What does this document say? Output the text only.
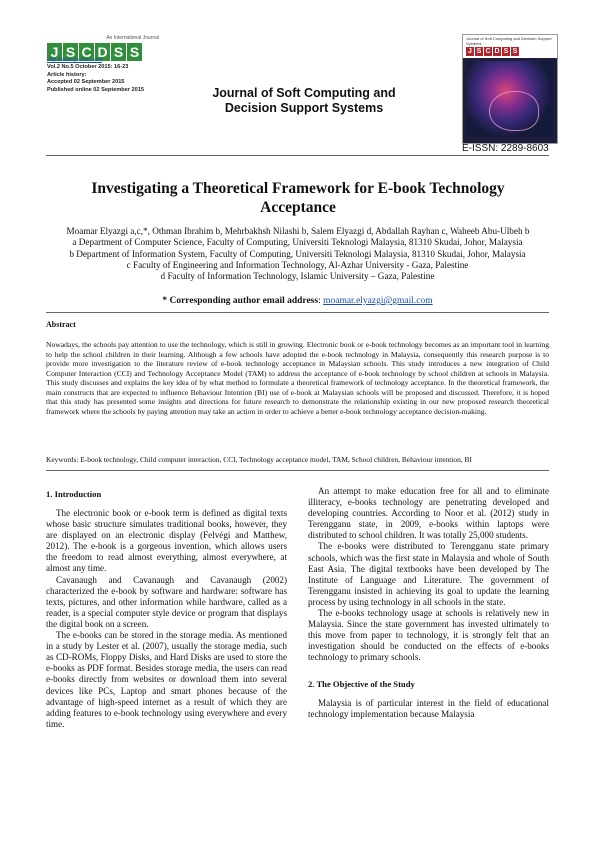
An International Journal
J S C D S S
http://www.jscdss.com
Vol.2 No.5 October 2015: 16-23
Article history:
Accepted 02 September 2015
Published online 02 September 2015	Journal of Soft Computing and Decision Support Systems
Journal of Soft Computing and Decision Support Systems
J S C D S S
E-ISSN: 2289-8603
Investigating a Theoretical Framework for E-book Technology Acceptance
Moamar Elyazgi a,c,*, Othman Ibrahim b, Mehrbakhsh Nilashi b, Salem Elyazgi d, Abdallah Rayhan c, Waheeb Abu-Ulbeh b
a Department of Computer Science, Faculty of Computing, Universiti Teknologi Malaysia, 81310 Skudai, Johor, Malaysia
b Department of Information System, Faculty of Computing, Universiti Teknologi Malaysia, 81310 Skudai, Johor, Malaysia
c Faculty of Engineering and Information Technology, Al-Azhar University - Gaza, Palestine
d Faculty of Information Technology, Islamic University – Gaza, Palestine
* Corresponding author email address: moamar.elyazgi@gmail.com
Abstract
Nowadays, the schools pay attention to use the technology, which is still in growing. Electronic book or e-book technology becomes as an important tool in learning to help the school children in their learning. Although a few schools have adopted the e-book technology in Malaysia, consequently this research purpose is to provide more investigation to the literature review of e-book technology acceptance in Malaysian schools. This study introduces a new integration of Child Computer Interaction (CCI) and Technology Acceptance Model (TAM) to address the acceptance of e-book technology by school children at schools in Malaysia. This study discusses and explains the key idea of by what method to formulate a theoretical framework of technology acceptance. In the theoretical framework, the main constructs that are expected to influence Behaviour Intention (BI) use of e-book at Malaysian schools will be proposed and discussed. Therefore, it is hoped that this study has presented some insights and directions for future research to demonstrate the relationship existing in our new proposed research theoretical framework where the schools by paying attention may take an action in order to achieve a better e-book technology acceptance decision-making.
Keywords: E-book technology, Child computer interaction, CCI, Technology acceptance model, TAM, School children, Behaviour intention, BI
1. Introduction

The electronic book or e-book term is defined as digital texts whose basic structure simulates traditional books, however, they are displayed on an electronic display (Felvégi and Matthew, 2012). The e-book is a gorgeous invention, which allows users the freedom to read almost everything, almost everywhere, at almost any time.

Cavanaugh and Cavanaugh and Cavanaugh (2002) characterized the e-book by software and hardware: software has texts, pictures, and other information while hardware, called as a reader, is a special computer style device or program that displays the digital book on a screen.

The e-books can be stored in the storage media. As mentioned in a study by Lester et al. (2007), usually the storage media, such as CD-ROMs, Floppy Disks, and Hard Disks are used to store the e-books as PDF format. Besides storage media, the users can read e-books directly from websites or download them into several devices like PCs, Laptop and smart phones because of the advantage of high-speed internet as a result of which they are adding features to e-book technology using everywhere and every time.

An attempt to make education free for all and to eliminate illiteracy, e-books technology are penetrating developed and developing countries. According to Noor et al. (2012) study in Terengganu state, in 2009, e-books within laptops were distributed to school children. It was totally 25,000 students.

The e-books were distributed to Terengganu state primary schools, which was the first state in Malaysia and whole of South East Asia. The digital textbooks have been developed by The Institute of Language and Literature. The government of Terengganu insisted in achieving its goal to update the learning process by using technology in all schools in the state.

The e-books technology usage at schools is relatively new in Malaysia. Since the state government has invested ultimately to this move from paper to technology, it is strongly felt that an investigation should be conducted on the effects of e-books technology to primary schools.

2. The Objective of the Study

Malaysia is of particular interest in the field of educational technology implementation because Malaysia
